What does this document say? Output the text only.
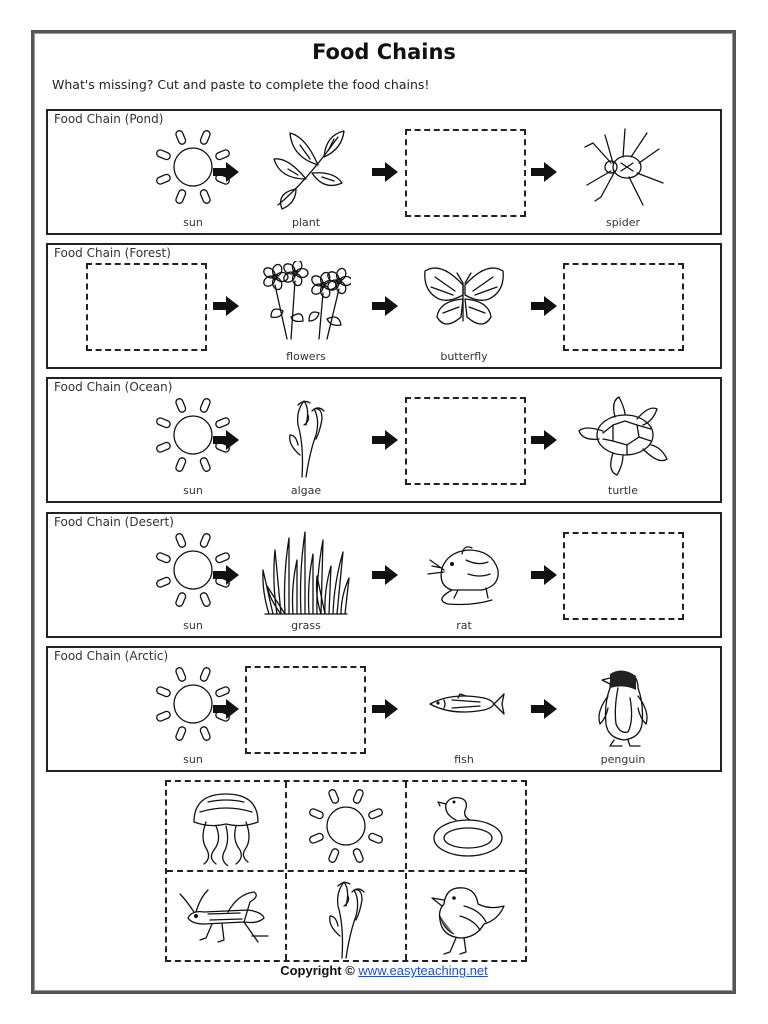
Food Chains
What's missing? Cut and paste to complete the food chains!
Food Chain (Pond)
sun	plant	spider
Food Chain (Forest)
flowers	butterfly
Food Chain (Ocean)
sun	algae	turtle
Food Chain (Desert)
sun	grass	rat
Food Chain (Arctic)
sun	fish	penguin
Copyright © www.easyteaching.net
